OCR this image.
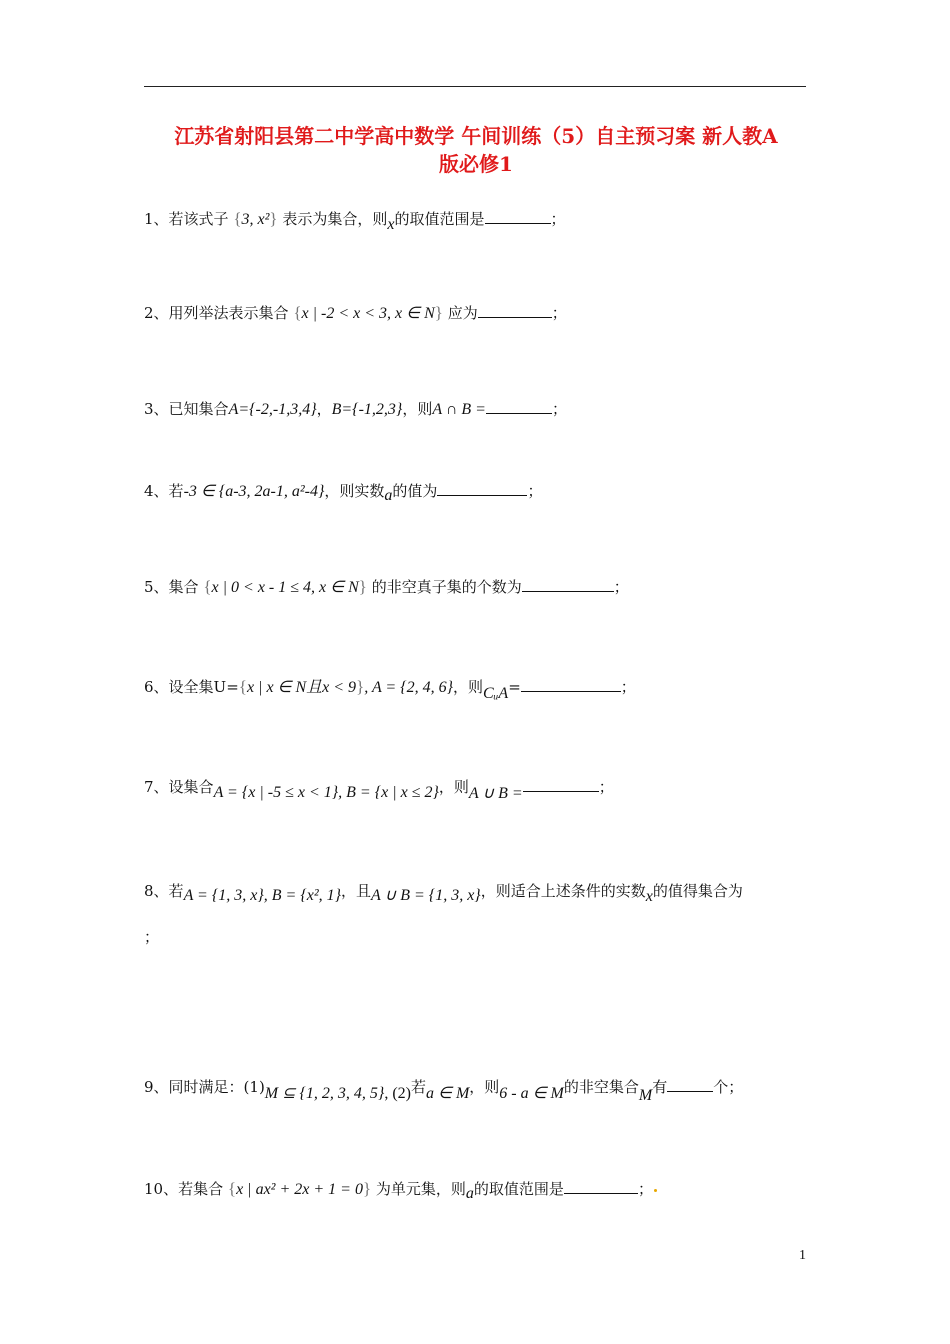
江苏省射阳县第二中学高中数学 午间训练（5）自主预习案 新人教A
版必修1
1、若该式子 {3, x²} 表示为集合，则x的取值范围是	；
2、用列举法表示集合 {x | -2 < x < 3, x ∈ N} 应为	；
3、已知集合A={-2,-1,3,4}，B={-1,2,3}，则A ∩ B =	；
4、若-3 ∈ {a-3, 2a-1, a²-4}，则实数a的值为	；
5、集合 {x | 0 < x - 1 ≤ 4, x ∈ N} 的非空真子集的个数为	；
6、设全集U={x | x ∈ N且x < 9}, A = {2, 4, 6}，则CᵤA=	；
7、设集合A = {x | -5 ≤ x < 1}, B = {x | x ≤ 2}，则A ∪ B =	；
8、若A = {1, 3, x}, B = {x², 1}，且A ∪ B = {1, 3, x}，则适合上述条件的实数x的值得集合为
；
9、同时满足：(1)M ⊆ {1, 2, 3, 4, 5}, (2)若a ∈ M，则6 - a ∈ M的非空集合M有	个；
10、若集合 {x | ax² + 2x + 1 = 0} 为单元集，则a的取值范围是	；
1
